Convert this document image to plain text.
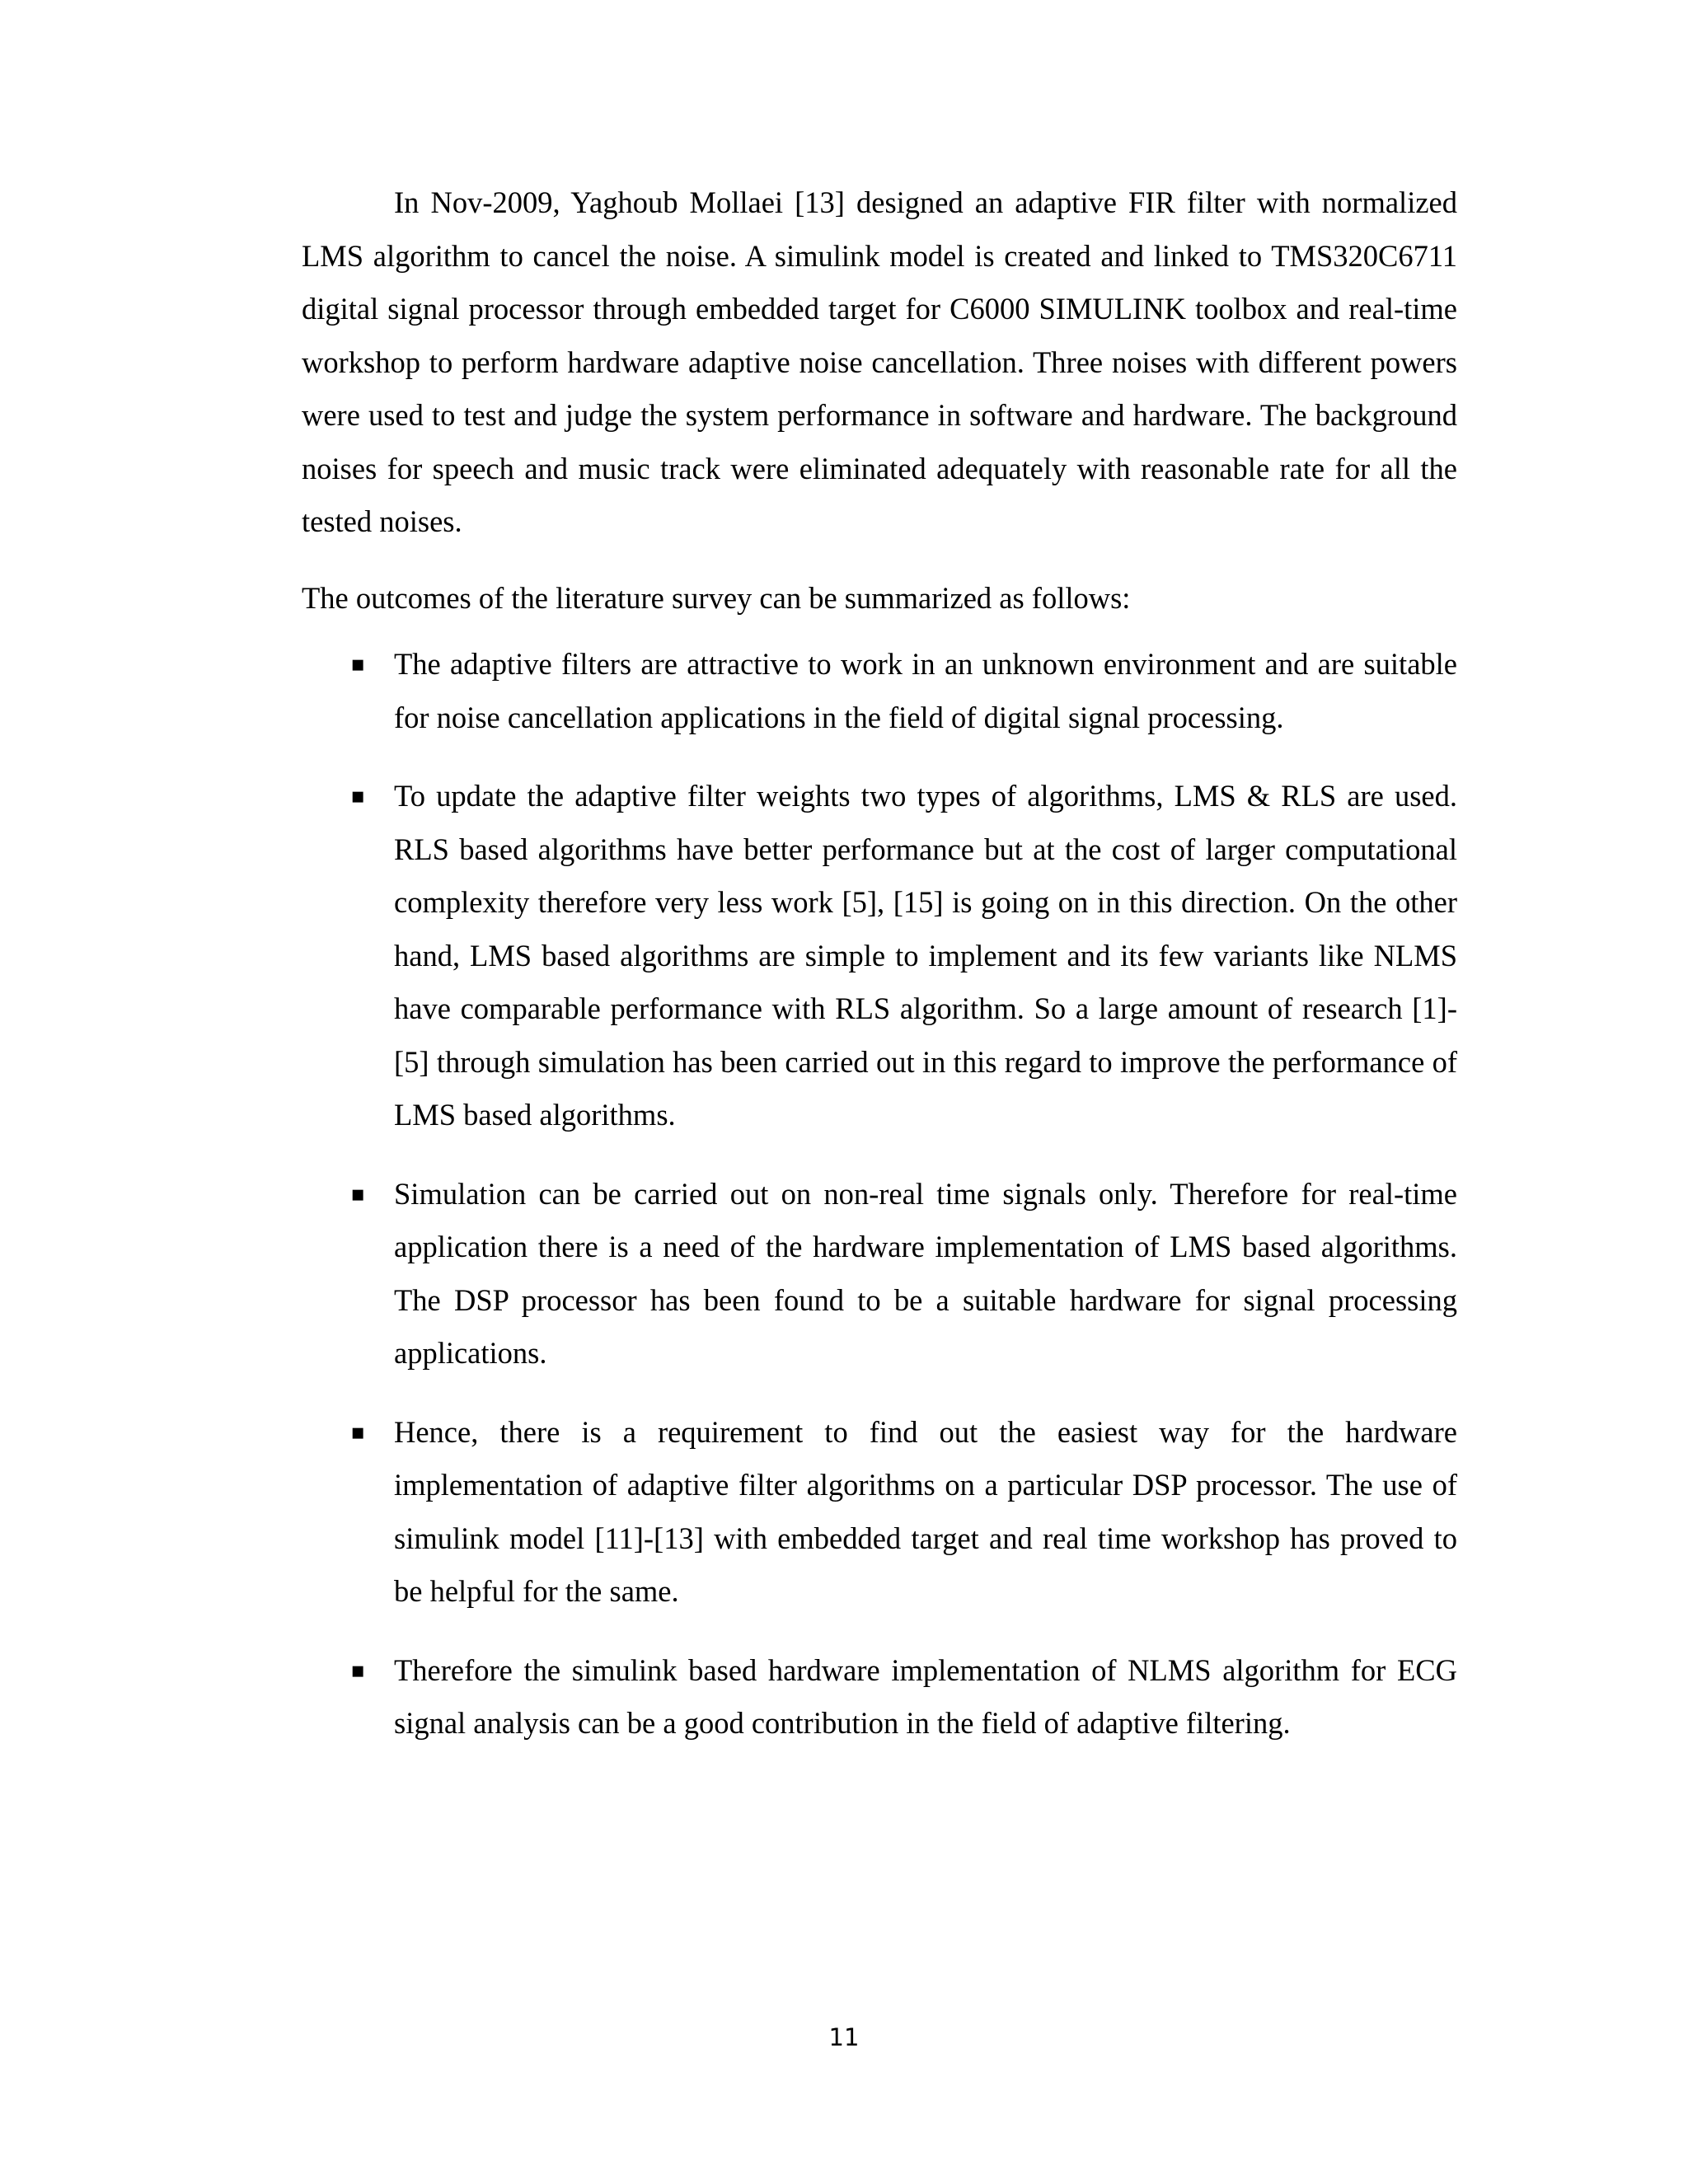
In Nov-2009, Yaghoub Mollaei [13] designed an adaptive FIR filter with normalized LMS algorithm to cancel the noise. A simulink model is created and linked to TMS320C6711 digital signal processor through embedded target for C6000 SIMULINK toolbox and real-time workshop to perform hardware adaptive noise cancellation. Three noises with different powers were used to test and judge the system performance in software and hardware. The background noises for speech and music track were eliminated adequately with reasonable rate for all the tested noises.

The outcomes of the literature survey can be summarized as follows:

▪ The adaptive filters are attractive to work in an unknown environment and are suitable for noise cancellation applications in the field of digital signal processing.
▪ To update the adaptive filter weights two types of algorithms, LMS & RLS are used. RLS based algorithms have better performance but at the cost of larger computational complexity therefore very less work [5], [15] is going on in this direction. On the other hand, LMS based algorithms are simple to implement and its few variants like NLMS have comparable performance with RLS algorithm. So a large amount of research [1]-[5] through simulation has been carried out in this regard to improve the performance of LMS based algorithms.
▪ Simulation can be carried out on non-real time signals only. Therefore for real-time application there is a need of the hardware implementation of LMS based algorithms. The DSP processor has been found to be a suitable hardware for signal processing applications.
▪ Hence, there is a requirement to find out the easiest way for the hardware implementation of adaptive filter algorithms on a particular DSP processor. The use of simulink model [11]-[13] with embedded target and real time workshop has proved to be helpful for the same.
▪ Therefore the simulink based hardware implementation of NLMS algorithm for ECG signal analysis can be a good contribution in the field of adaptive filtering.
11
